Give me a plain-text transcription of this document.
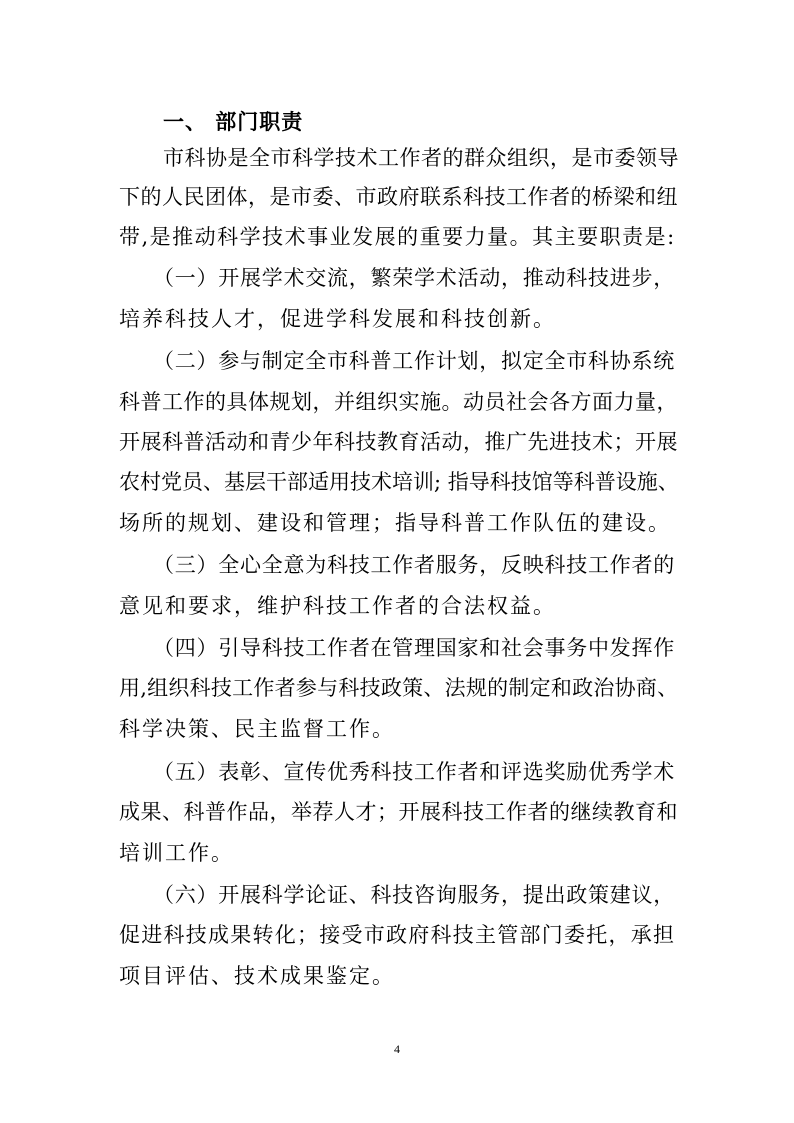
一、 部门职责
市科协是全市科学技术工作者的群众组织，是市委领导
下的人民团体，是市委、市政府联系科技工作者的桥梁和纽
带,是推动科学技术事业发展的重要力量。其主要职责是:
（一）开展学术交流，繁荣学术活动，推动科技进步，
培养科技人才，促进学科发展和科技创新。
（二）参与制定全市科普工作计划，拟定全市科协系统
科普工作的具体规划，并组织实施。动员社会各方面力量，
开展科普活动和青少年科技教育活动，推广先进技术；开展
农村党员、基层干部适用技术培训; 指导科技馆等科普设施、
场所的规划、建设和管理；指导科普工作队伍的建设。
（三）全心全意为科技工作者服务，反映科技工作者的
意见和要求，维护科技工作者的合法权益。
（四）引导科技工作者在管理国家和社会事务中发挥作
用,组织科技工作者参与科技政策、法规的制定和政治协商、
科学决策、民主监督工作。
（五）表彰、宣传优秀科技工作者和评选奖励优秀学术
成果、科普作品，举荐人才；开展科技工作者的继续教育和
培训工作。
（六）开展科学论证、科技咨询服务，提出政策建议，
促进科技成果转化；接受市政府科技主管部门委托，承担
项目评估、技术成果鉴定。
4
